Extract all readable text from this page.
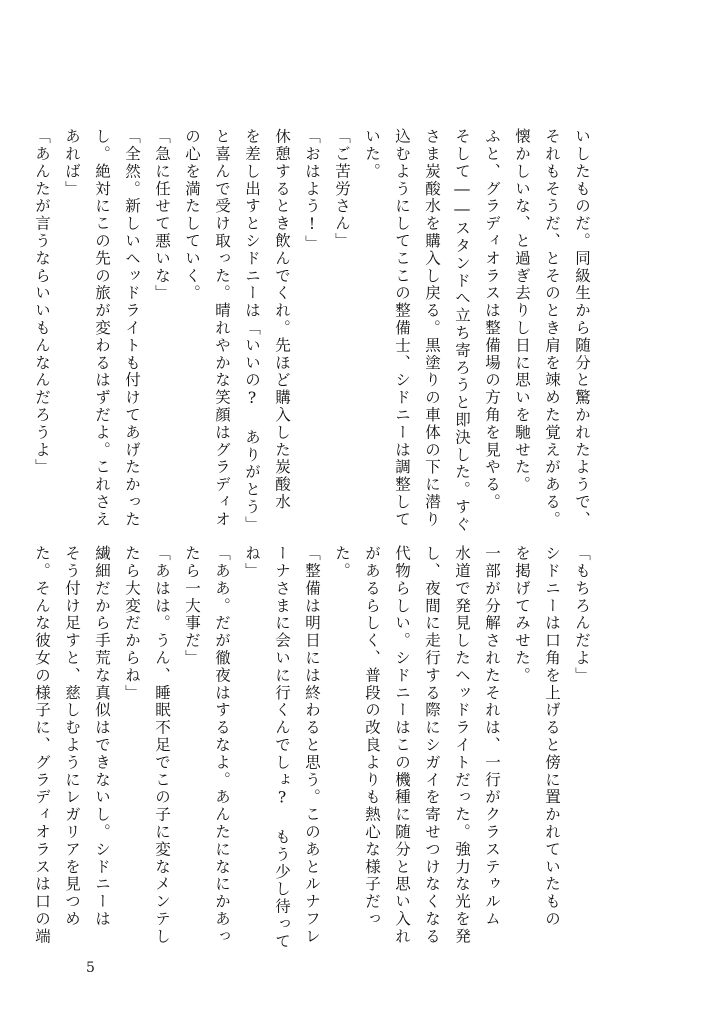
いしたものだ。同級生から随分と驚かれたようで、
それもそうだ、とそのとき肩を竦めた覚えがある。
懐かしいな、と過ぎ去りし日に思いを馳せた。
ふと、グラディオラスは整備場の方角を見やる。
そして――スタンドへ立ち寄ろうと即決した。すぐ
さま炭酸水を購入し戻る。黒塗りの車体の下に潜り
込むようにしてここの整備士、シドニーは調整して
いた。
「ご苦労さん」
「おはよう!」
休憩するとき飲んでくれ。先ほど購入した炭酸水
を差し出すとシドニーは「いいの? ありがとう」
と喜んで受け取った。晴れやかな笑顔はグラディオ
の心を満たしていく。
「急に任せて悪いな」
「全然。新しいヘッドライトも付けてあげたかった
し。絶対にこの先の旅が変わるはずだよ。これさえ
あれば」
「あんたが言うならいいもんなんだろうよ」
「もちろんだよ」
シドニーは口角を上げると傍に置かれていたもの
を掲げてみせた。
一部が分解されたそれは、一行がクラステゥルム
水道で発見したヘッドライトだった。強力な光を発
し、夜間に走行する際にシガイを寄せつけなくなる
代物らしい。シドニーはこの機種に随分と思い入れ
があるらしく、普段の改良よりも熱心な様子だっ
た。
「整備は明日には終わると思う。このあとルナフレ
ーナさまに会いに行くんでしょ? もう少し待って
ね」
「ああ。だが徹夜はするなよ。あんたになにかあっ
たら一大事だ」
「あはは。うん、睡眠不足でこの子に変なメンテし
たら大変だからね」
繊細だから手荒な真似はできないし。シドニーは
そう付け足すと、慈しむようにレガリアを見つめ
た。そんな彼女の様子に、グラディオラスは口の端
5
